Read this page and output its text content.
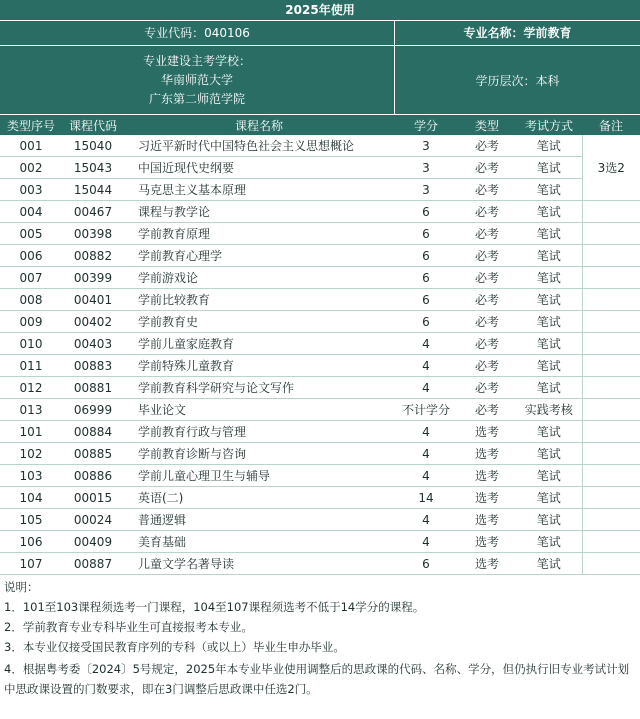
2025年使用
专业代码：040106	专业名称：学前教育
专业建设主考学校：
华南师范大学
广东第二师范学院
学历层次：本科
类型序号	课程代码	课程名称	学分	类型	考试方式	备注
001	15040	习近平新时代中国特色社会主义思想概论	3	必考	笔试	3选2
002	15043	中国近现代史纲要	3	必考	笔试	
003	15044	马克思主义基本原理	3	必考	笔试	
004	00467	课程与教学论	6	必考	笔试	
005	00398	学前教育原理	6	必考	笔试	
006	00882	学前教育心理学	6	必考	笔试	
007	00399	学前游戏论	6	必考	笔试	
008	00401	学前比较教育	6	必考	笔试	
009	00402	学前教育史	6	必考	笔试	
010	00403	学前儿童家庭教育	4	必考	笔试	
011	00883	学前特殊儿童教育	4	必考	笔试	
012	00881	学前教育科学研究与论文写作	4	必考	笔试	
013	06999	毕业论文	不计学分	必考	实践考核	
101	00884	学前教育行政与管理	4	选考	笔试	
102	00885	学前教育诊断与咨询	4	选考	笔试	
103	00886	学前儿童心理卫生与辅导	4	选考	笔试	
104	00015	英语(二)	14	选考	笔试	
105	00024	普通逻辑	4	选考	笔试	
106	00409	美育基础	4	选考	笔试	
107	00887	儿童文学名著导读	6	选考	笔试	
说明：
1．101至103课程须选考一门课程，104至107课程须选考不低于14学分的课程。
2．学前教育专业专科毕业生可直接报考本专业。
3．本专业仅接受国民教育序列的专科（或以上）毕业生申办毕业。
4．根据粤考委〔2024〕5号规定，2025年本专业毕业使用调整后的思政课的代码、名称、学分，但仍执行旧专业考试计划中思政课设置的门数要求，即在3门调整后思政课中任选2门。
